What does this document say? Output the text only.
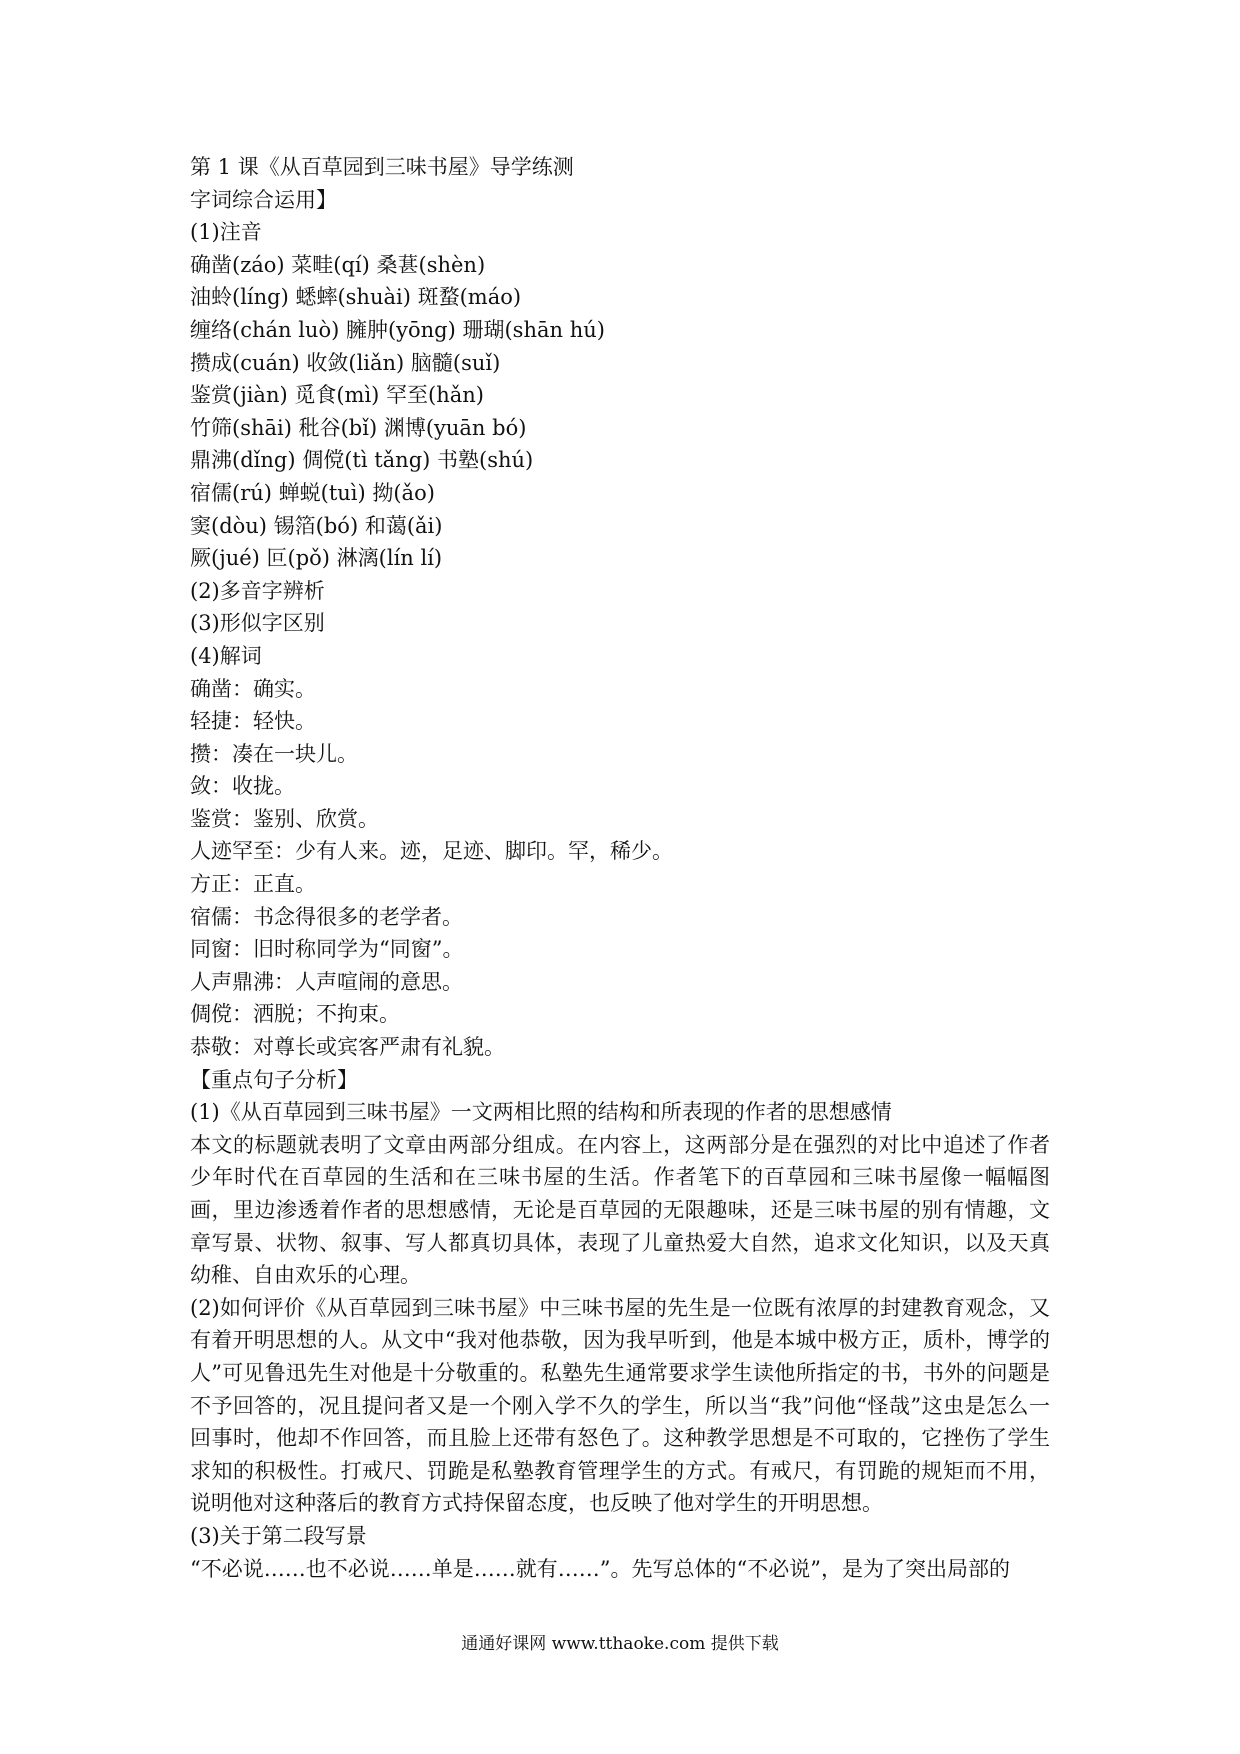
第 1 课《从百草园到三味书屋》导学练测
字词综合运用】
(1)注音
确凿(záo) 菜畦(qí) 桑葚(shèn)
油蛉(líng) 蟋蟀(shuài) 斑蝥(máo)
缠络(chán luò) 臃肿(yōng) 珊瑚(shān hú)
攒成(cuán) 收敛(liǎn) 脑髓(suǐ)
鉴赏(jiàn) 觅食(mì) 罕至(hǎn)
竹筛(shāi) 秕谷(bǐ) 渊博(yuān bó)
鼎沸(dǐng) 倜傥(tì tǎng) 书塾(shú)
宿儒(rú) 蝉蜕(tuì) 拗(ǎo)
窦(dòu) 锡箔(bó) 和蔼(ǎi)
厥(jué) 叵(pǒ) 淋漓(lín lí)
(2)多音字辨析
(3)形似字区别
(4)解词
确凿：确实。
轻捷：轻快。
攒：凑在一块儿。
敛：收拢。
鉴赏：鉴别、欣赏。
人迹罕至：少有人来。迹，足迹、脚印。罕，稀少。
方正：正直。
宿儒：书念得很多的老学者。
同窗：旧时称同学为“同窗”。
人声鼎沸：人声喧闹的意思。
倜傥：洒脱；不拘束。
恭敬：对尊长或宾客严肃有礼貌。
【重点句子分析】
(1)《从百草园到三味书屋》一文两相比照的结构和所表现的作者的思想感情

本文的标题就表明了文章由两部分组成。在内容上，这两部分是在强烈的对比中追述了作者少年时代在百草园的生活和在三味书屋的生活。作者笔下的百草园和三味书屋像一幅幅图画，里边渗透着作者的思想感情，无论是百草园的无限趣味，还是三味书屋的别有情趣，文章写景、状物、叙事、写人都真切具体，表现了儿童热爱大自然，追求文化知识，以及天真幼稚、自由欢乐的心理。

(2)如何评价《从百草园到三味书屋》中三味书屋的先生是一位既有浓厚的封建教育观念，又有着开明思想的人。从文中“我对他恭敬，因为我早听到，他是本城中极方正，质朴，博学的人”可见鲁迅先生对他是十分敬重的。私塾先生通常要求学生读他所指定的书，书外的问题是不予回答的，况且提问者又是一个刚入学不久的学生，所以当“我”问他“怪哉”这虫是怎么一回事时，他却不作回答，而且脸上还带有怒色了。这种教学思想是不可取的，它挫伤了学生求知的积极性。打戒尺、罚跪是私塾教育管理学生的方式。有戒尺，有罚跪的规矩而不用，说明他对这种落后的教育方式持保留态度，也反映了他对学生的开明思想。

(3)关于第二段写景
“不必说……也不必说……单是……就有……”。先写总体的“不必说”，是为了突出局部的
通通好课网 www.tthaoke.com 提供下载
